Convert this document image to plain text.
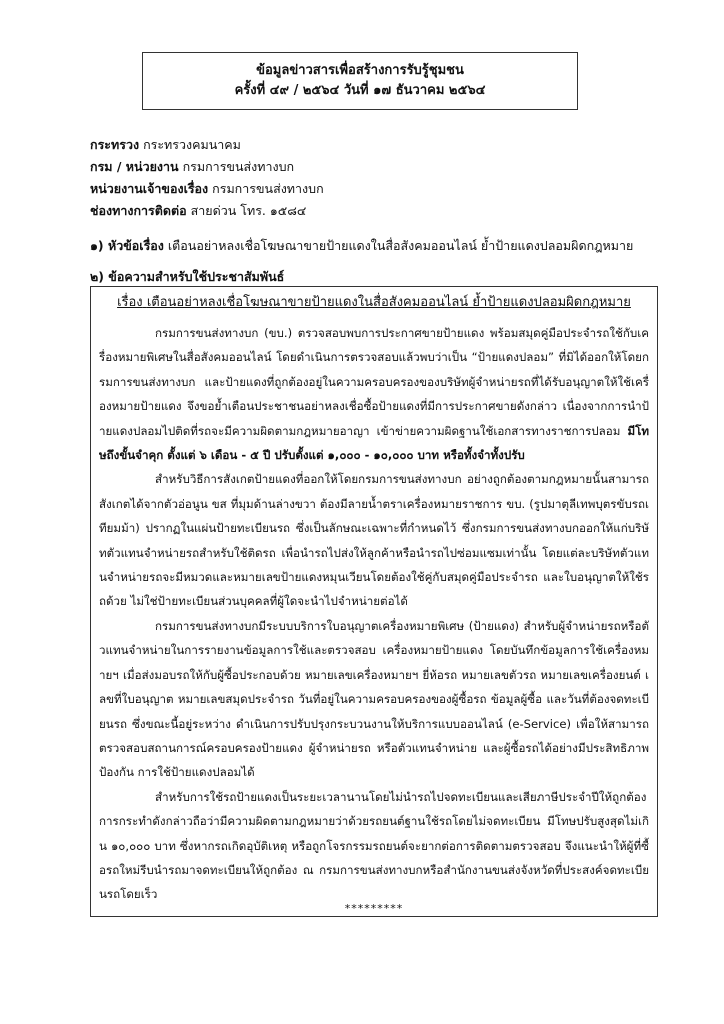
ข้อมูลข่าวสารเพื่อสร้างการรับรู้ชุมชน
ครั้งที่ ๔๙ / ๒๕๖๔ วันที่ ๑๗ ธันวาคม ๒๕๖๔
กระทรวง กระทรวงคมนาคม
กรม / หน่วยงาน กรมการขนส่งทางบก
หน่วยงานเจ้าของเรื่อง กรมการขนส่งทางบก
ช่องทางการติดต่อ สายด่วน โทร. ๑๕๘๔
๑) หัวข้อเรื่อง เตือนอย่าหลงเชื่อโฆษณาขายป้ายแดงในสื่อสังคมออนไลน์ ย้ำป้ายแดงปลอมผิดกฎหมาย
๒) ข้อความสำหรับใช้ประชาสัมพันธ์
เรื่อง เตือนอย่าหลงเชื่อโฆษณาขายป้ายแดงในสื่อสังคมออนไลน์ ย้ำป้ายแดงปลอมผิดกฎหมาย

กรมการขนส่งทางบก (ขบ.) ตรวจสอบพบการประกาศขายป้ายแดง พร้อมสมุดคู่มือประจำรถใช้กับเครื่องหมายพิเศษในสื่อสังคมออนไลน์ โดยดำเนินการตรวจสอบแล้วพบว่าเป็น “ป้ายแดงปลอม” ที่มิได้ออกให้โดยกรมการขนส่งทางบก และป้ายแดงที่ถูกต้องอยู่ในความครอบครองของบริษัทผู้จำหน่ายรถที่ได้รับอนุญาตให้ใช้เครื่องหมายป้ายแดง จึงขอย้ำเตือนประชาชนอย่าหลงเชื่อซื้อป้ายแดงที่มีการประกาศขายดังกล่าว เนื่องจากการนำป้ายแดงปลอมไปติดที่รถจะมีความผิดตามกฎหมายอาญา เข้าข่ายความผิดฐานใช้เอกสารทางราชการปลอม มีโทษถึงขั้นจำคุก ตั้งแต่ ๖ เดือน - ๕ ปี ปรับตั้งแต่ ๑,๐๐๐ - ๑๐,๐๐๐ บาท หรือทั้งจำทั้งปรับ

สำหรับวิธีการสังเกตป้ายแดงที่ออกให้โดยกรมการขนส่งทางบก อย่างถูกต้องตามกฎหมายนั้นสามารถสังเกตได้จากตัวอ่อนูน ขส ที่มุมด้านล่างขวา ต้องมีลายน้ำตราเครื่องหมายราชการ ขบ. (รูปมาตุลีเทพบุตรขับรถเทียมม้า) ปรากฏในแผ่นป้ายทะเบียนรถ ซึ่งเป็นลักษณะเฉพาะที่กำหนดไว้ ซึ่งกรมการขนส่งทางบกออกให้แก่บริษัทตัวแทนจำหน่ายรถสำหรับใช้ติดรถ เพื่อนำรถไปส่งให้ลูกค้าหรือนำรถไปซ่อมแซมเท่านั้น โดยแต่ละบริษัทตัวแทนจำหน่ายรถจะมีหมวดและหมายเลขป้ายแดงหมุนเวียนโดยต้องใช้คู่กับสมุดคู่มือประจำรถ และใบอนุญาตให้ใช้รถด้วย ไม่ใช่ป้ายทะเบียนส่วนบุคคลที่ผู้ใดจะนำไปจำหน่ายต่อได้

กรมการขนส่งทางบกมีระบบบริการใบอนุญาตเครื่องหมายพิเศษ (ป้ายแดง) สำหรับผู้จำหน่ายรถหรือตัวแทนจำหน่ายในการรายงานข้อมูลการใช้และตรวจสอบ เครื่องหมายป้ายแดง โดยบันทึกข้อมูลการใช้เครื่องหมายฯ เมื่อส่งมอบรถให้กับผู้ซื้อประกอบด้วย หมายเลขเครื่องหมายฯ ยี่ห้อรถ หมายเลขตัวรถ หมายเลขเครื่องยนต์ เลขที่ใบอนุญาต หมายเลขสมุดประจำรถ วันที่อยู่ในความครอบครองของผู้ซื้อรถ ข้อมูลผู้ซื้อ และวันที่ต้องจดทะเบียนรถ ซึ่งขณะนี้อยู่ระหว่าง ดำเนินการปรับปรุงกระบวนงานให้บริการแบบออนไลน์ (e-Service) เพื่อให้สามารถตรวจสอบสถานการณ์ครอบครองป้ายแดง ผู้จำหน่ายรถ หรือตัวแทนจำหน่าย และผู้ซื้อรถได้อย่างมีประสิทธิภาพ ป้องกัน การใช้ป้ายแดงปลอมได้

สำหรับการใช้รถป้ายแดงเป็นระยะเวลานานโดยไม่นำรถไปจดทะเบียนและเสียภาษีประจำปีให้ถูกต้อง การกระทำดังกล่าวถือว่ามีความผิดตามกฎหมายว่าด้วยรถยนต์ฐานใช้รถโดยไม่จดทะเบียน มีโทษปรับสูงสุดไม่เกิน ๑๐,๐๐๐ บาท ซึ่งหากรถเกิดอุบัติเหตุ หรือถูกโจรกรรมรถยนต์จะยากต่อการติดตามตรวจสอบ จึงแนะนำให้ผู้ที่ซื้อรถใหม่รีบนำรถมาจดทะเบียนให้ถูกต้อง ณ กรมการขนส่งทางบกหรือสำนักงานขนส่งจังหวัดที่ประสงค์จดทะเบียนรถโดยเร็ว

*********
